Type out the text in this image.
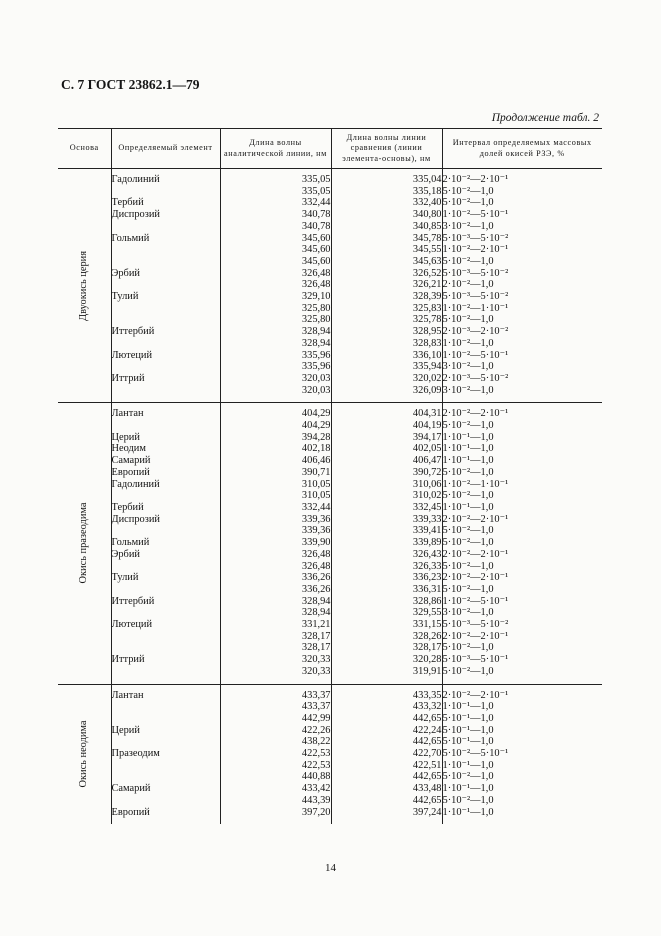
С. 7 ГОСТ 23862.1—79
Продолжение табл. 2
Основа	Определяемый элемент	Длина волны аналитической линии, нм	Длина волны линии сравнения (линии элемента-основы), нм	Интервал определяемых массовых долей окисей РЗЭ, %

Двуокись церия	Гадолиний	335,05	335,04	2·10⁻²—2·10⁻¹
		335,05	335,18	5·10⁻²—1,0
	Тербий	332,44	332,40	5·10⁻²—1,0
	Диспрозий	340,78	340,80	1·10⁻²—5·10⁻¹
		340,78	340,85	3·10⁻²—1,0
	Гольмий	345,60	345,78	5·10⁻³—5·10⁻²
		345,60	345,55	1·10⁻²—2·10⁻¹
		345,60	345,63	5·10⁻²—1,0
	Эрбий	326,48	326,52	5·10⁻³—5·10⁻²
		326,48	326,21	2·10⁻²—1,0
	Тулий	329,10	328,39	5·10⁻³—5·10⁻²
		325,80	325,83	1·10⁻²—1·10⁻¹
		325,80	325,78	5·10⁻²—1,0
	Иттербий	328,94	328,95	2·10⁻³—2·10⁻²
		328,94	328,83	1·10⁻²—1,0
	Лютеций	335,96	336,10	1·10⁻²—5·10⁻¹
		335,96	335,94	3·10⁻²—1,0
	Иттрий	320,03	320,02	2·10⁻³—5·10⁻²
		320,03	326,09	3·10⁻²—1,0

Окись празеодима	Лантан	404,29	404,31	2·10⁻²—2·10⁻¹
		404,29	404,19	5·10⁻²—1,0
	Церий	394,28	394,17	1·10⁻¹—1,0
	Неодим	402,18	402,05	1·10⁻¹—1,0
	Самарий	406,46	406,47	1·10⁻¹—1,0
	Европий	390,71	390,72	5·10⁻²—1,0
	Гадолиний	310,05	310,06	1·10⁻²—1·10⁻¹
		310,05	310,02	5·10⁻²—1,0
	Тербий	332,44	332,45	1·10⁻¹—1,0
	Диспрозий	339,36	339,33	2·10⁻²—2·10⁻¹
		339,36	339,41	5·10⁻²—1,0
	Гольмий	339,90	339,89	5·10⁻²—1,0
	Эрбий	326,48	326,43	2·10⁻²—2·10⁻¹
		326,48	326,33	5·10⁻²—1,0
	Тулий	336,26	336,23	2·10⁻²—2·10⁻¹
		336,26	336,31	5·10⁻²—1,0
	Иттербий	328,94	328,86	1·10⁻²—5·10⁻¹
		328,94	329,55	3·10⁻²—1,0
	Лютеций	331,21	331,15	5·10⁻³—5·10⁻²
		328,17	328,26	2·10⁻²—2·10⁻¹
		328,17	328,17	5·10⁻²—1,0
	Иттрий	320,33	320,28	5·10⁻³—5·10⁻¹
		320,33	319,91	5·10⁻²—1,0

Окись неодима	Лантан	433,37	433,35	2·10⁻²—2·10⁻¹
		433,37	433,32	1·10⁻¹—1,0
		442,99	442,65	5·10⁻¹—1,0
	Церий	422,26	422,24	5·10⁻¹—1,0
		438,22	442,65	5·10⁻¹—1,0
	Празеодим	422,53	422,70	5·10⁻²—5·10⁻¹
		422,53	422,51	1·10⁻¹—1,0
		440,88	442,65	5·10⁻²—1,0
	Самарий	433,42	433,48	1·10⁻¹—1,0
		443,39	442,65	5·10⁻²—1,0
	Европий	397,20	397,24	1·10⁻¹—1,0
14
